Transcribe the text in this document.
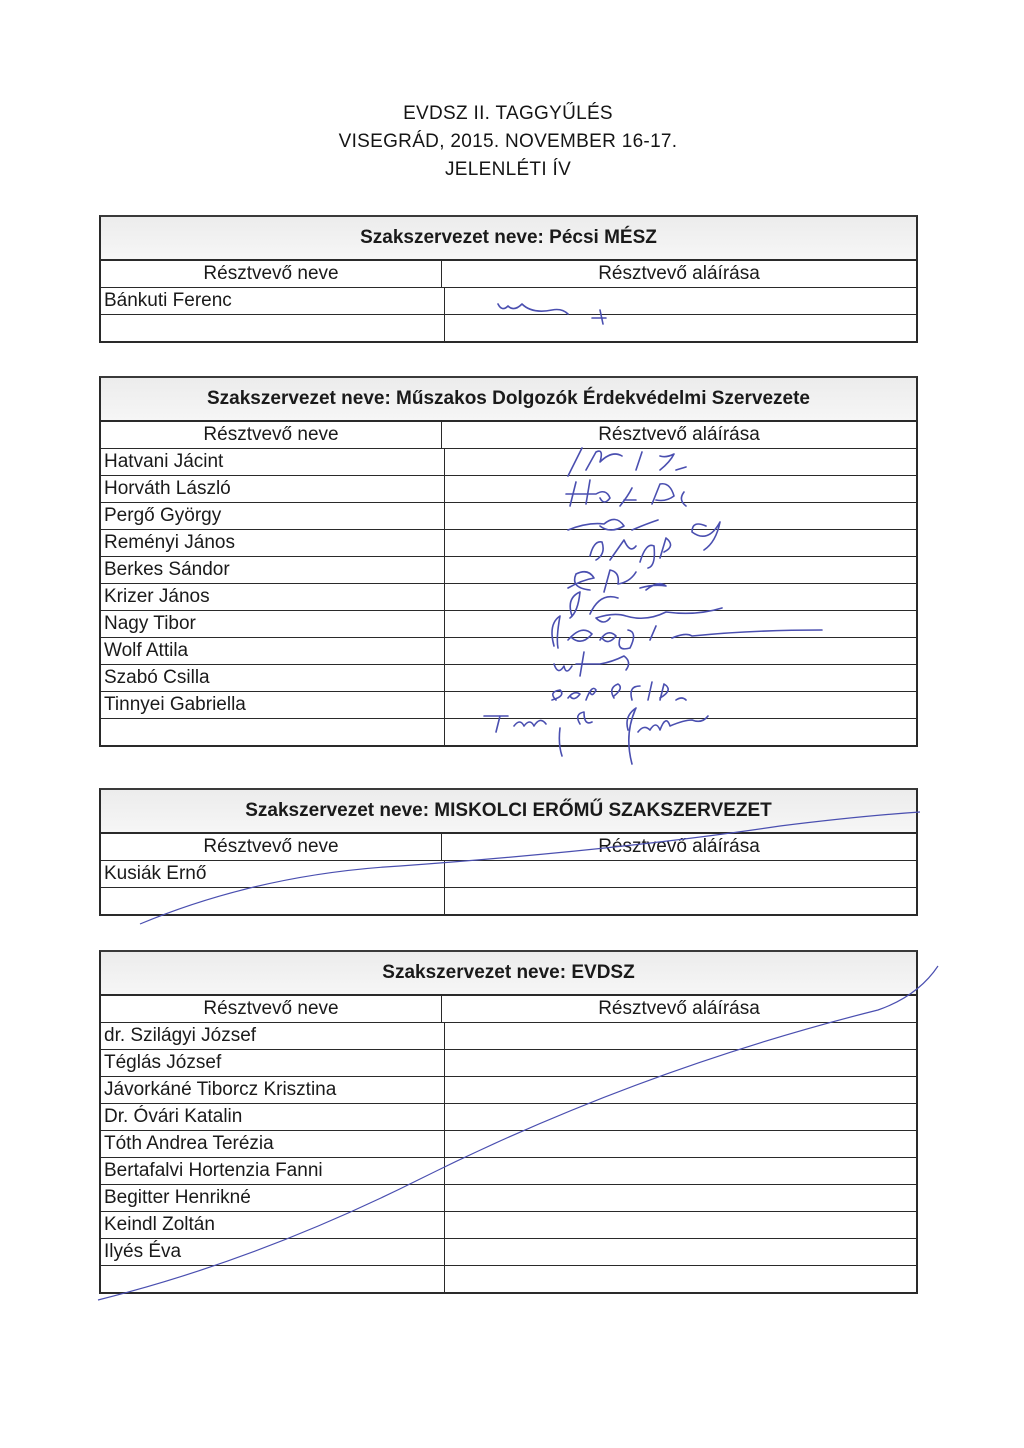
EVDSZ II. TAGGYŰLÉS
VISEGRÁD, 2015. NOVEMBER 16-17.
JELENLÉTI ÍV
Szakszervezet neve: Pécsi MÉSZ
Résztvevő neve	Résztvevő aláírása
Bánkuti Ferenc
Szakszervezet neve: Műszakos Dolgozók Érdekvédelmi Szervezete
Résztvevő neve	Résztvevő aláírása
Hatvani Jácint
Horváth László
Pergő György
Reményi János
Berkes Sándor
Krizer János
Nagy Tibor
Wolf Attila
Szabó Csilla
Tinnyei Gabriella
Szakszervezet neve: MISKOLCI ERŐMŰ SZAKSZERVEZET
Résztvevő neve	Résztvevő aláírása
Kusiák Ernő
Szakszervezet neve: EVDSZ
Résztvevő neve	Résztvevő aláírása
dr. Szilágyi József
Téglás József
Jávorkáné Tiborcz Krisztina
Dr. Óvári Katalin
Tóth Andrea Terézia
Bertafalvi Hortenzia Fanni
Begitter Henrikné
Keindl Zoltán
Ilyés Éva
